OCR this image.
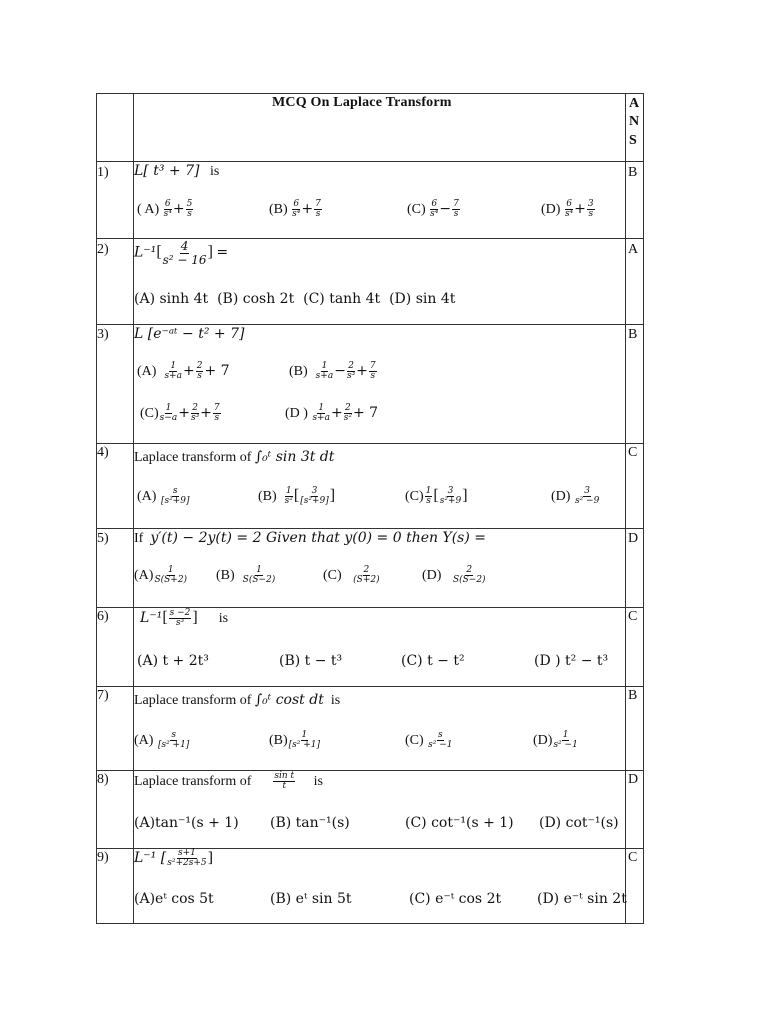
MCQ On Laplace Transform	A
N
S
1) L[ t³ + 7] is
( $A) \frac{6}{\text{s⁴}} + \frac{5}{s}$	$(B) \frac{6}{\text{s⁴}} + \frac{7}{s}$	$(C) \frac{6}{\text{s⁴}} - \frac{7}{s}$	$(D) \frac{6}{\text{s⁴}} + \frac{3}{s}$
B
2) $L^{-1}[ \frac{4}{\text{s² − 16}}$ ] =
(A) sinh 4t (B) cosh 2t (C) tanh 4t (D) sin 4t
A
3) L [e⁻ᵃᵗ − t² + 7]
$(A) \frac{1}{s+a} + \frac{2}{s} + 7$	$(B) \frac{1}{s+a} - \frac{2}{\text{s³}} + \frac{7}{s}$
$(C) \frac{1}{s-a} + \frac{2}{\text{s³}} + \frac{7}{s}$	(D ) $\frac{1}{s+a} + \frac{2}{\text{s²}} + 7$
B
4) Laplace transform of ∫₀ᵗ sin 3t dt
$(A) \frac{s}{\text{[s²+9]}}$	$(B) \frac{1}{\text{s²}}$ [ $\frac{3}{\text{[s²+9]}}$ ]	$(C) \frac{1}{s}$ [ $\frac{3}{\text{s²+9}}$ ]	$(D) \frac{3}{\text{s² −9}}$
C
5) If y′(t) − 2y(t) = 2 Given that y(0) = 0 then Y(s) =
$(A) \frac{1}{S(S+2)} (B) \frac{1}{S(S-2)}$	$(C) \frac{2}{(S+2)}$	$(D) \frac{2}{S(S-2)}$
D
6) $L^{-1}[ \frac{s -2}{\text{s³}}$ ] is
(A) t + 2t³	(B) t − t³	(C) t − t²	(D ) t² − t³
C
7) Laplace transform of ∫₀ᵗ cost dt is
$(A) \frac{s}{\text{[s² +1]}}$	$(B) \frac{1}{\text{[s² +1]}}$	$(C) \frac{s}{\text{s² −1}}$	$(D) \frac{1}{\text{s² −1}}$
B
8) Laplace transform of $\frac{\text{sin t}}{t}$ is
(A)tan⁻¹(s + 1) (B) tan⁻¹(s)	(C) cot⁻¹(s + 1) (D) cot⁻¹(s)
D
9) L⁻¹ [ $\frac{s+1}{\text{s²+2s+5}}$ ]
(A)eᵗ cos 5t	(B) eᵗ sin 5t	(C) e⁻ᵗ cos 2t	(D) e⁻ᵗ sin 2t
C
